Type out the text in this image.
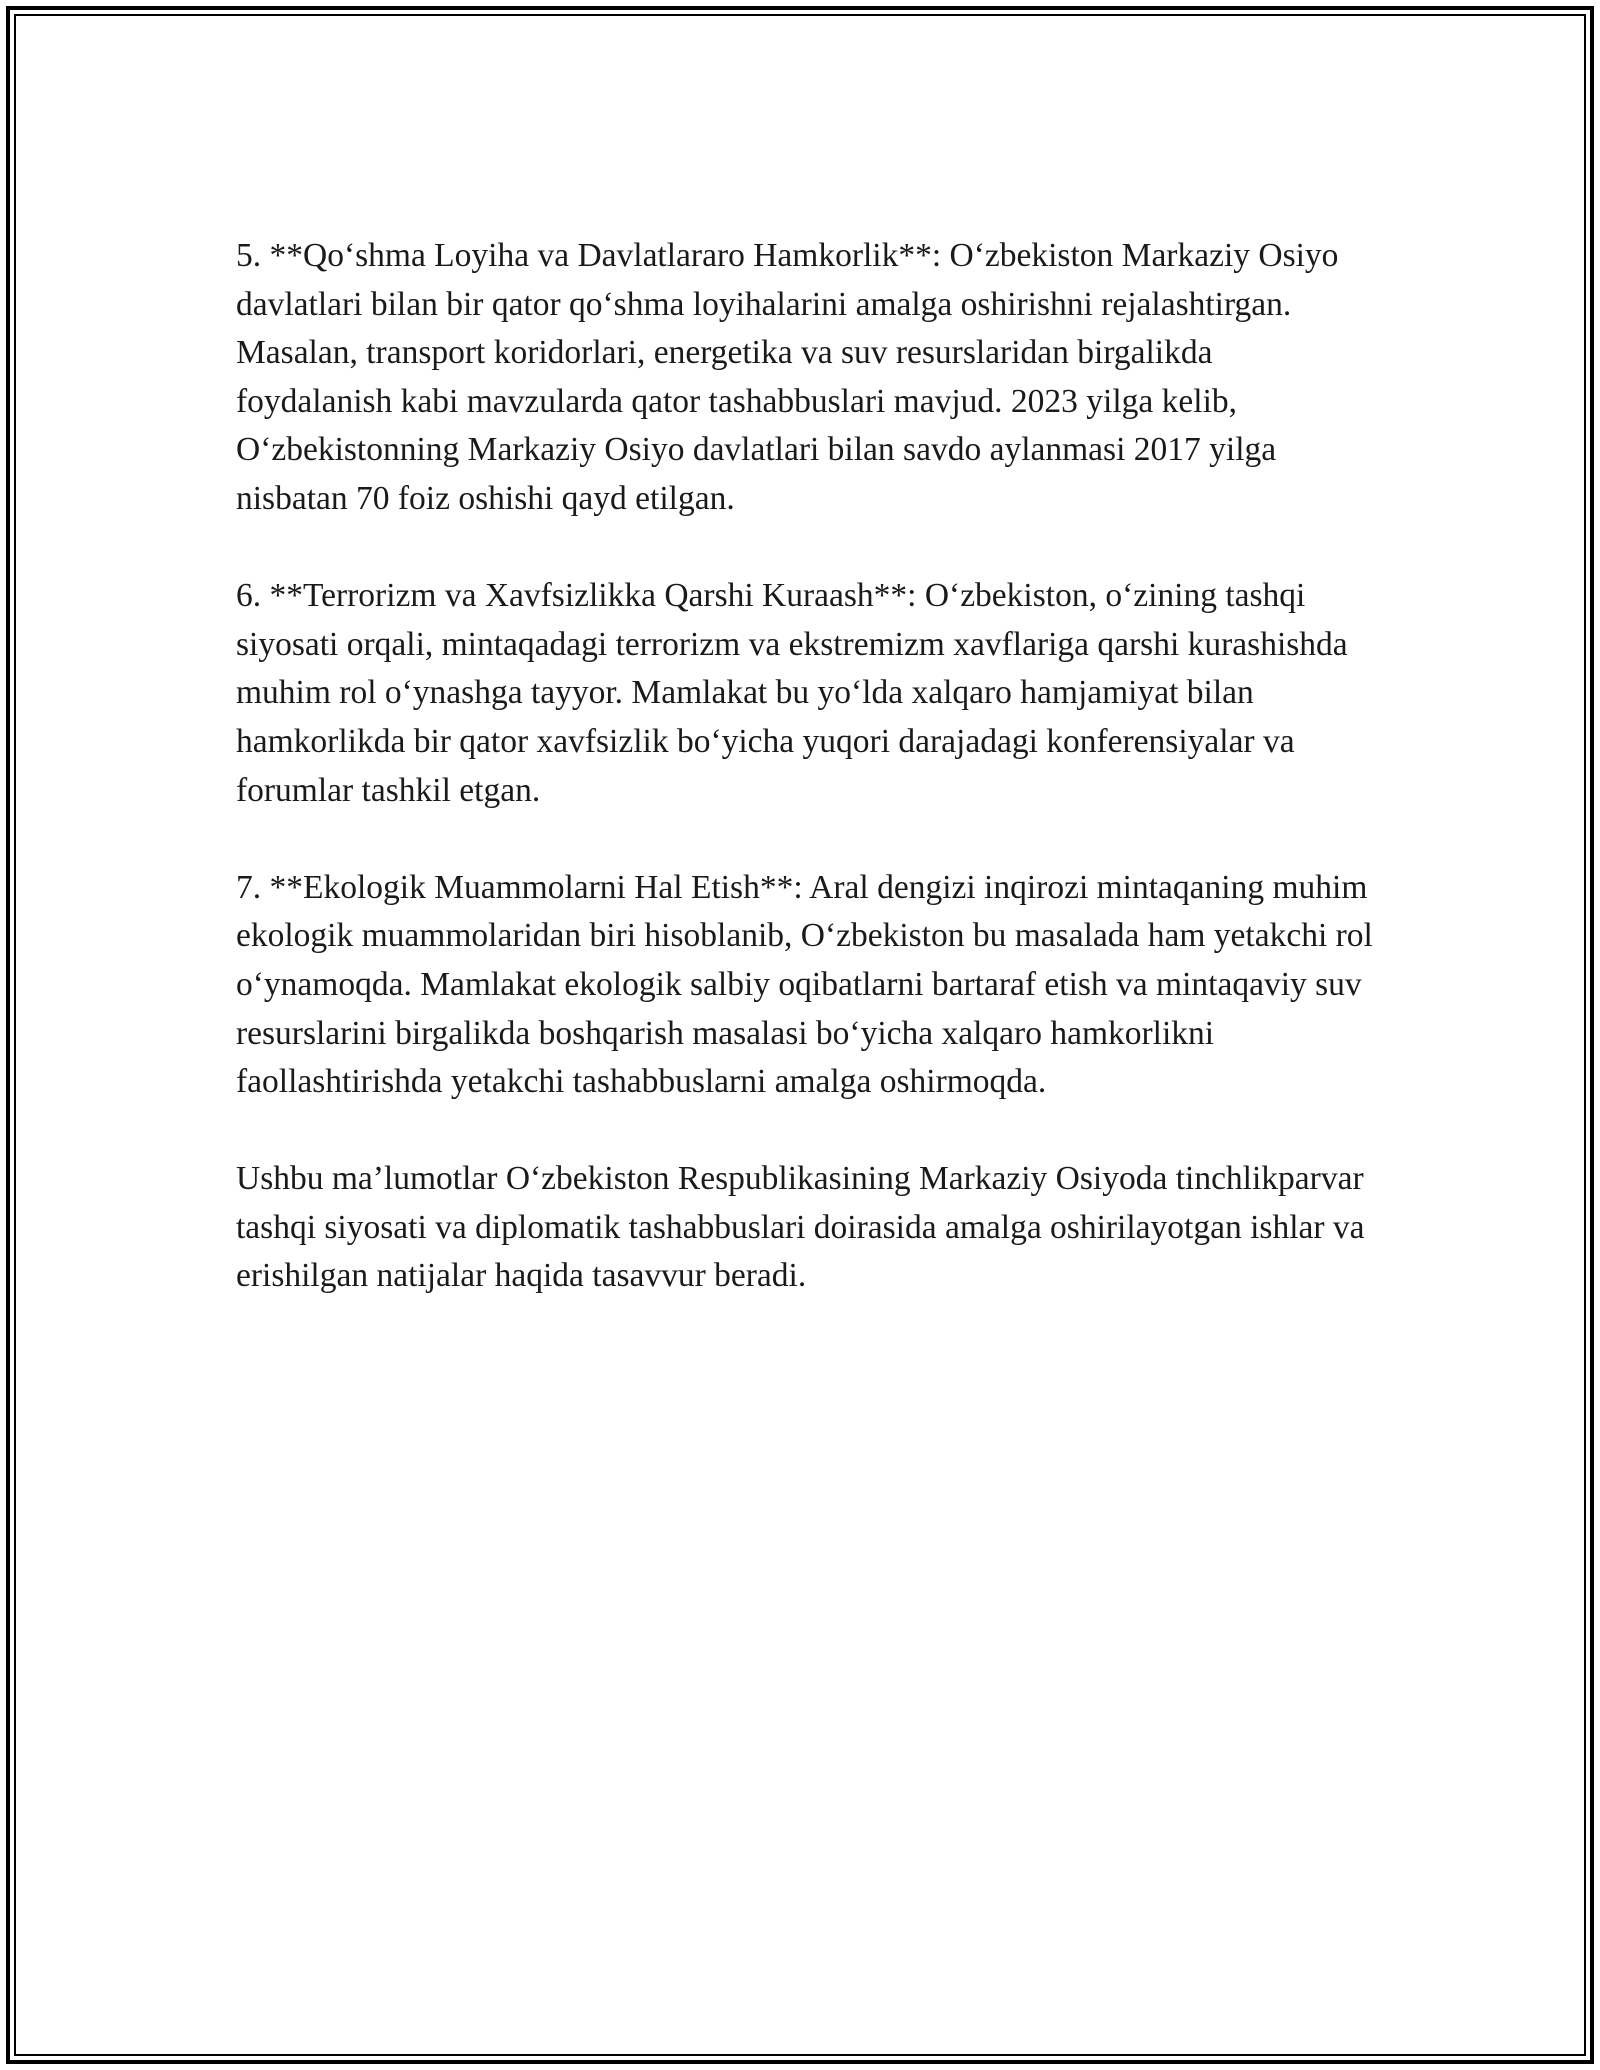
5. **Qo‘shma Loyiha va Davlatlararo Hamkorlik**: O‘zbekiston Markaziy Osiyo davlatlari bilan bir qator qo‘shma loyihalarini amalga oshirishni rejalashtirgan. Masalan, transport koridorlari, energetika va suv resurslaridan birgalikda foydalanish kabi mavzularda qator tashabbuslari mavjud. 2023 yilga kelib, O‘zbekistonning Markaziy Osiyo davlatlari bilan savdo aylanmasi 2017 yilga nisbatan 70 foiz oshishi qayd etilgan.

6. **Terrorizm va Xavfsizlikka Qarshi Kuraash**: O‘zbekiston, o‘zining tashqi siyosati orqali, mintaqadagi terrorizm va ekstremizm xavflariga qarshi kurashishda muhim rol o‘ynashga tayyor. Mamlakat bu yo‘lda xalqaro hamjamiyat bilan hamkorlikda bir qator xavfsizlik bo‘yicha yuqori darajadagi konferensiyalar va forumlar tashkil etgan.

7. **Ekologik Muammolarni Hal Etish**: Aral dengizi inqirozi mintaqaning muhim ekologik muammolaridan biri hisoblanib, O‘zbekiston bu masalada ham yetakchi rol o‘ynamoqda. Mamlakat ekologik salbiy oqibatlarni bartaraf etish va mintaqaviy suv resurslarini birgalikda boshqarish masalasi bo‘yicha xalqaro hamkorlikni faollashtirishda yetakchi tashabbuslarni amalga oshirmoqda.

Ushbu ma’lumotlar O‘zbekiston Respublikasining Markaziy Osiyoda tinchlikparvar tashqi siyosati va diplomatik tashabbuslari doirasida amalga oshirilayotgan ishlar va erishilgan natijalar haqida tasavvur beradi.
